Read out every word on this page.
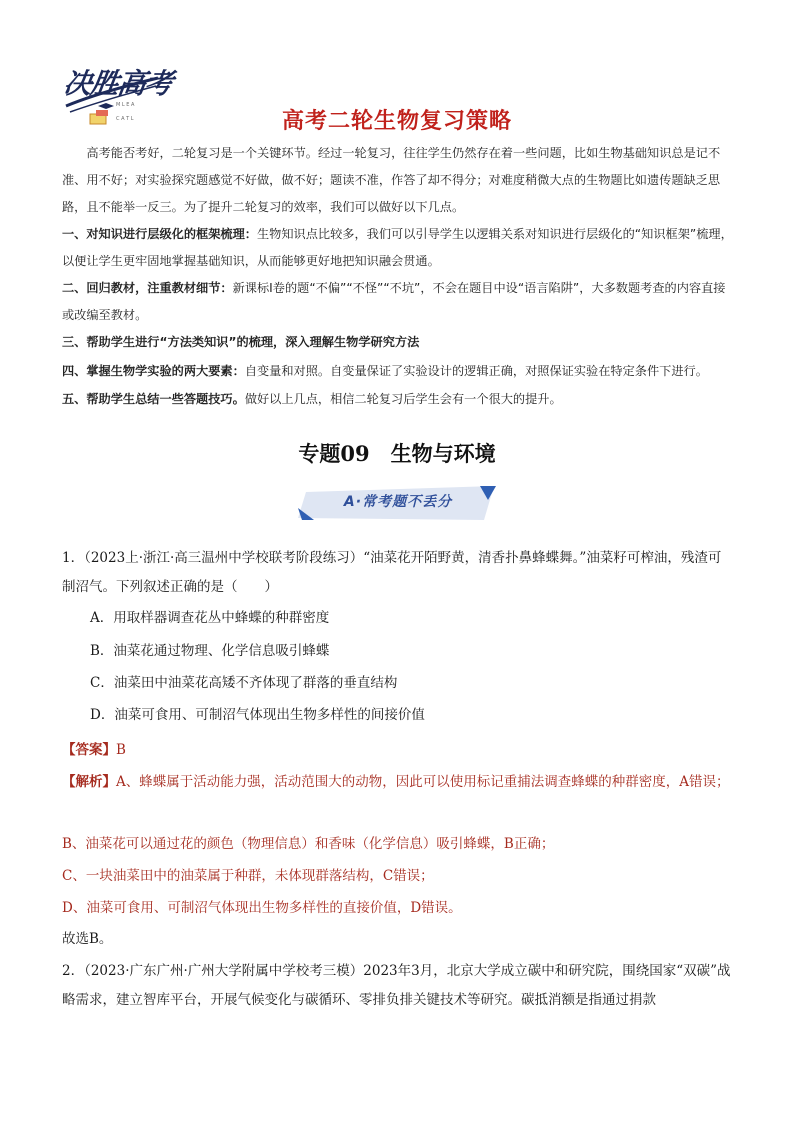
M L E A
C A T L
决胜高考
高考二轮生物复习策略
高考能否考好，二轮复习是一个关键环节。经过一轮复习，往往学生仍然存在着一些问题，比如生物基础知识总是记不准、用不好；对实验探究题感觉不好做，做不好；题读不准，作答了却不得分；对难度稍微大点的生物题比如遗传题缺乏思路，且不能举一反三。为了提升二轮复习的效率，我们可以做好以下几点。
一、对知识进行层级化的框架梳理：生物知识点比较多，我们可以引导学生以逻辑关系对知识进行层级化的“知识框架”梳理，以便让学生更牢固地掌握基础知识，从而能够更好地把知识融会贯通。
二、回归教材，注重教材细节：新课标Ⅰ卷的题“不偏”“不怪”“不坑”，不会在题目中设“语言陷阱”，大多数题考查的内容直接或改编至教材。
三、帮助学生进行“方法类知识”的梳理，深入理解生物学研究方法
四、掌握生物学实验的两大要素：自变量和对照。自变量保证了实验设计的逻辑正确，对照保证实验在特定条件下进行。
五、帮助学生总结一些答题技巧。做好以上几点，相信二轮复习后学生会有一个很大的提升。
专题09　生物与环境
A·常考题不丢分
1．（2023上·浙江·高三温州中学校联考阶段练习）“油菜花开陌野黄，清香扑鼻蜂蝶舞。”油菜籽可榨油，残渣可制沼气。下列叙述正确的是（　　）
A．用取样器调查花丛中蜂蝶的种群密度
B．油菜花通过物理、化学信息吸引蜂蝶
C．油菜田中油菜花高矮不齐体现了群落的垂直结构
D．油菜可食用、可制沼气体现出生物多样性的间接价值
【答案】B
【解析】A、蜂蝶属于活动能力强，活动范围大的动物，因此可以使用标记重捕法调查蜂蝶的种群密度，A错误；
B、油菜花可以通过花的颜色（物理信息）和香味（化学信息）吸引蜂蝶，B正确；
C、一块油菜田中的油菜属于种群，未体现群落结构，C错误；
D、油菜可食用、可制沼气体现出生物多样性的直接价值，D错误。
故选B。
2．（2023·广东广州·广州大学附属中学校考三模）2023年3月，北京大学成立碳中和研究院，围绕国家“双碳”战略需求，建立智库平台，开展气候变化与碳循环、零排负排关键技术等研究。碳抵消额是指通过捐款
